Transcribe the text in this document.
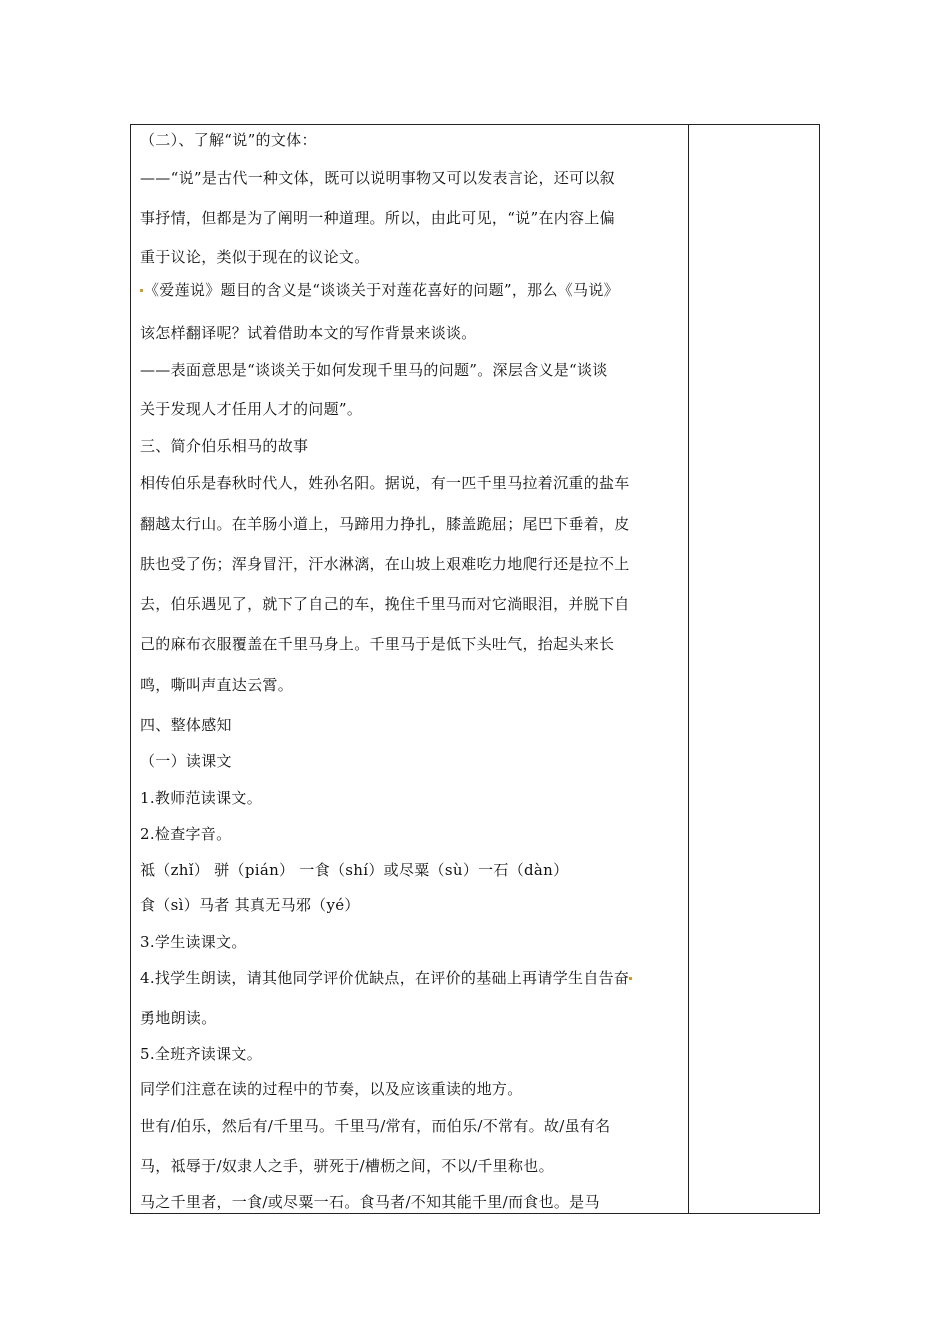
（二）、了解“说”的文体：
——“说”是古代一种文体，既可以说明事物又可以发表言论，还可以叙
事抒情，但都是为了阐明一种道理。所以，由此可见，“说”在内容上偏
重于议论，类似于现在的议论文。
《爱莲说》题目的含义是“谈谈关于对莲花喜好的问题”，那么《马说》
该怎样翻译呢？试着借助本文的写作背景来谈谈。
——表面意思是“谈谈关于如何发现千里马的问题”。深层含义是“谈谈
关于发现人才任用人才的问题”。
三、简介伯乐相马的故事
相传伯乐是春秋时代人，姓孙名阳。据说，有一匹千里马拉着沉重的盐车
翻越太行山。在羊肠小道上，马蹄用力挣扎，膝盖跪屈；尾巴下垂着，皮
肤也受了伤；浑身冒汗，汗水淋漓，在山坡上艰难吃力地爬行还是拉不上
去，伯乐遇见了，就下了自己的车，挽住千里马而对它淌眼泪，并脱下自
己的麻布衣服覆盖在千里马身上。千里马于是低下头吐气，抬起头来长
鸣，嘶叫声直达云霄。
四、整体感知
（一）读课文
1.教师范读课文。
2.检查字音。
祗（zhǐ） 骈（pián） 一食（shí）或尽粟（sù）一石（dàn）
食（sì）马者 其真无马邪（yé）
3.学生读课文。
4.找学生朗读，请其他同学评价优缺点，在评价的基础上再请学生自告奋
勇地朗读。
5.全班齐读课文。
同学们注意在读的过程中的节奏，以及应该重读的地方。
世有/伯乐，然后有/千里马。千里马/常有，而伯乐/不常有。故/虽有名
马，祗辱于/奴隶人之手，骈死于/槽枥之间，不以/千里称也。
马之千里者，一食/或尽粟一石。食马者/不知其能千里/而食也。是马
